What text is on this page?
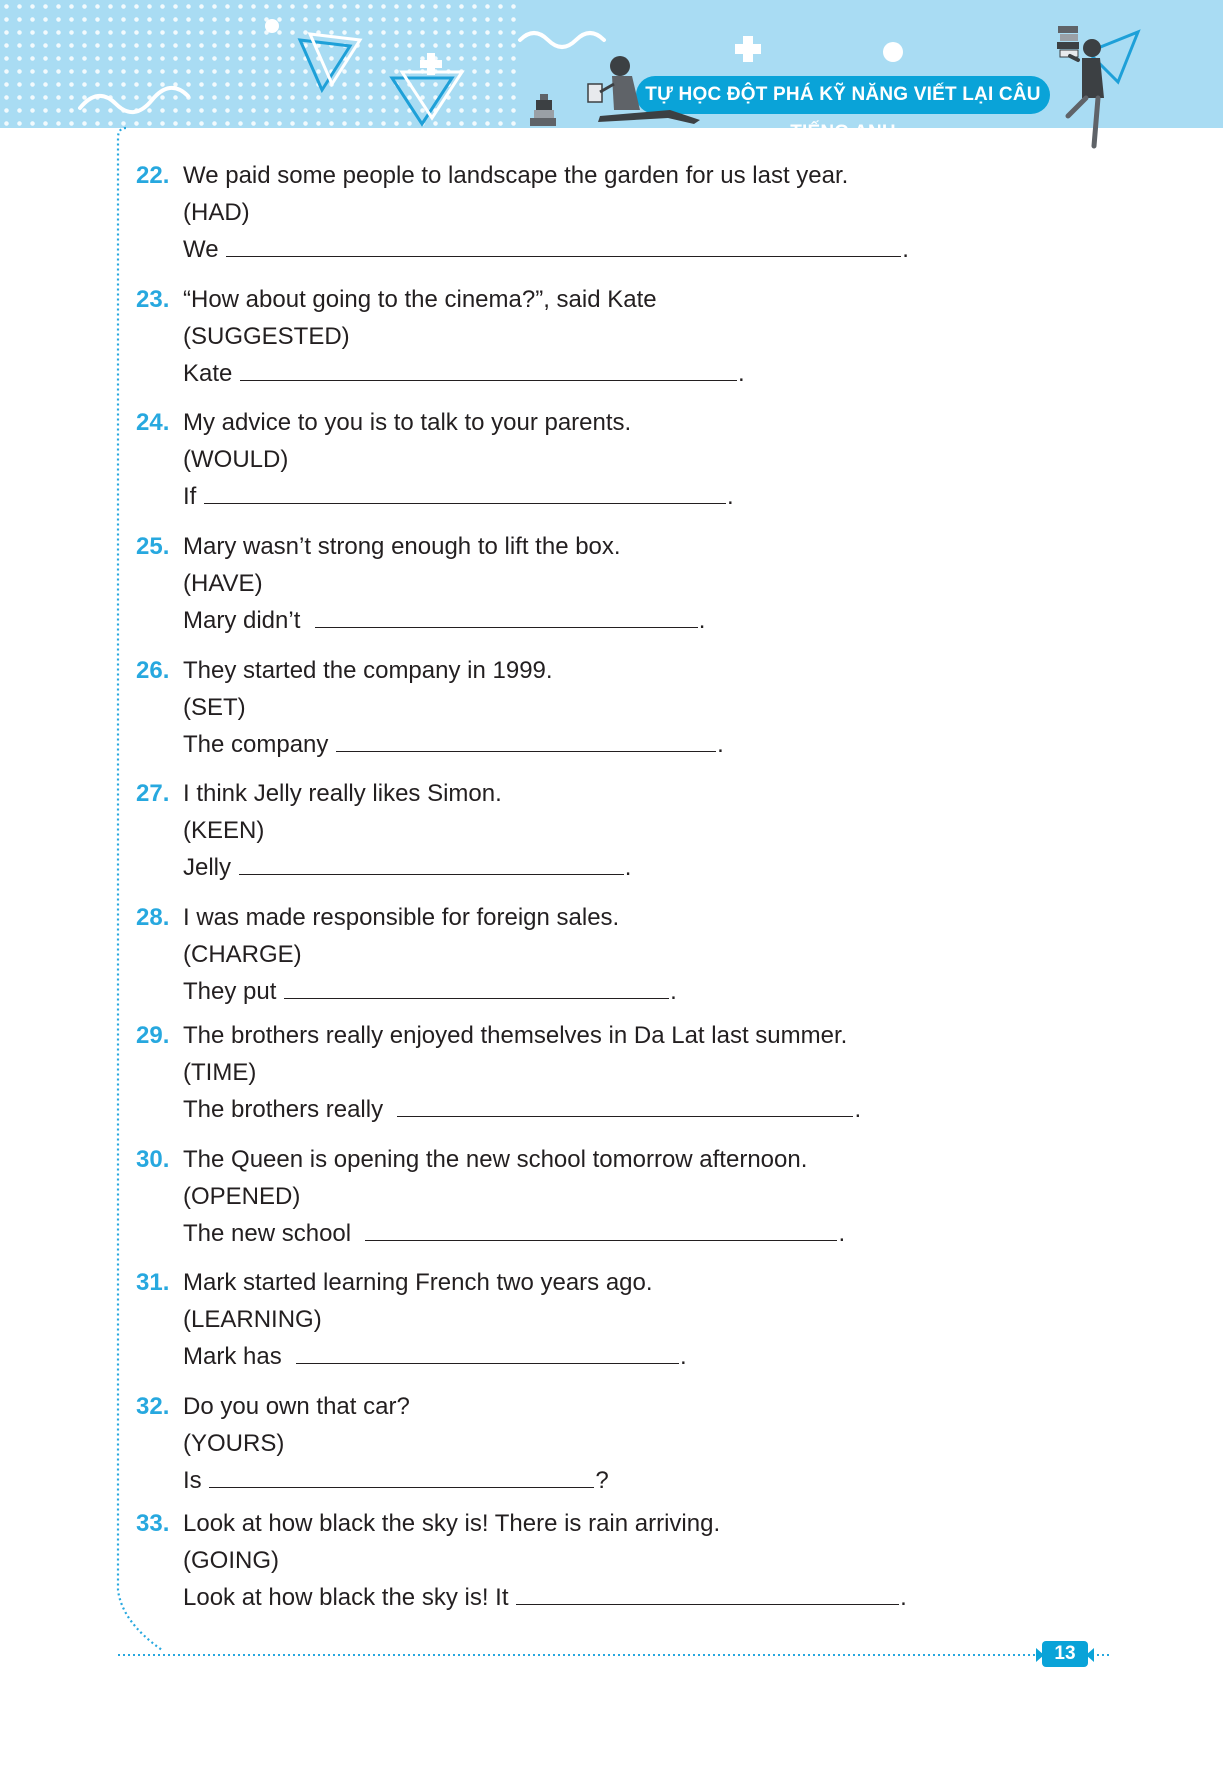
TỰ HỌC ĐỘT PHÁ KỸ NĂNG VIẾT LẠI CÂU TIẾNG ANH
22. We paid some people to landscape the garden for us last year.
(HAD)
We	.
23. “How about going to the cinema?”, said Kate
(SUGGESTED)
Kate	.
24. My advice to you is to talk to your parents.
(WOULD)
If	.
25. Mary wasn’t strong enough to lift the box.
(HAVE)
Mary didn’t	.
26. They started the company in 1999.
(SET)
The company	.
27. I think Jelly really likes Simon.
(KEEN)
Jelly	.
28. I was made responsible for foreign sales.
(CHARGE)
They put	.
29. The brothers really enjoyed themselves in Da Lat last summer.
(TIME)
The brothers really	.
30. The Queen is opening the new school tomorrow afternoon.
(OPENED)
The new school	.
31. Mark started learning French two years ago.
(LEARNING)
Mark has	.
32. Do you own that car?
(YOURS)
Is	?
33. Look at how black the sky is! There is rain arriving.
(GOING)
Look at how black the sky is! It	.
13
